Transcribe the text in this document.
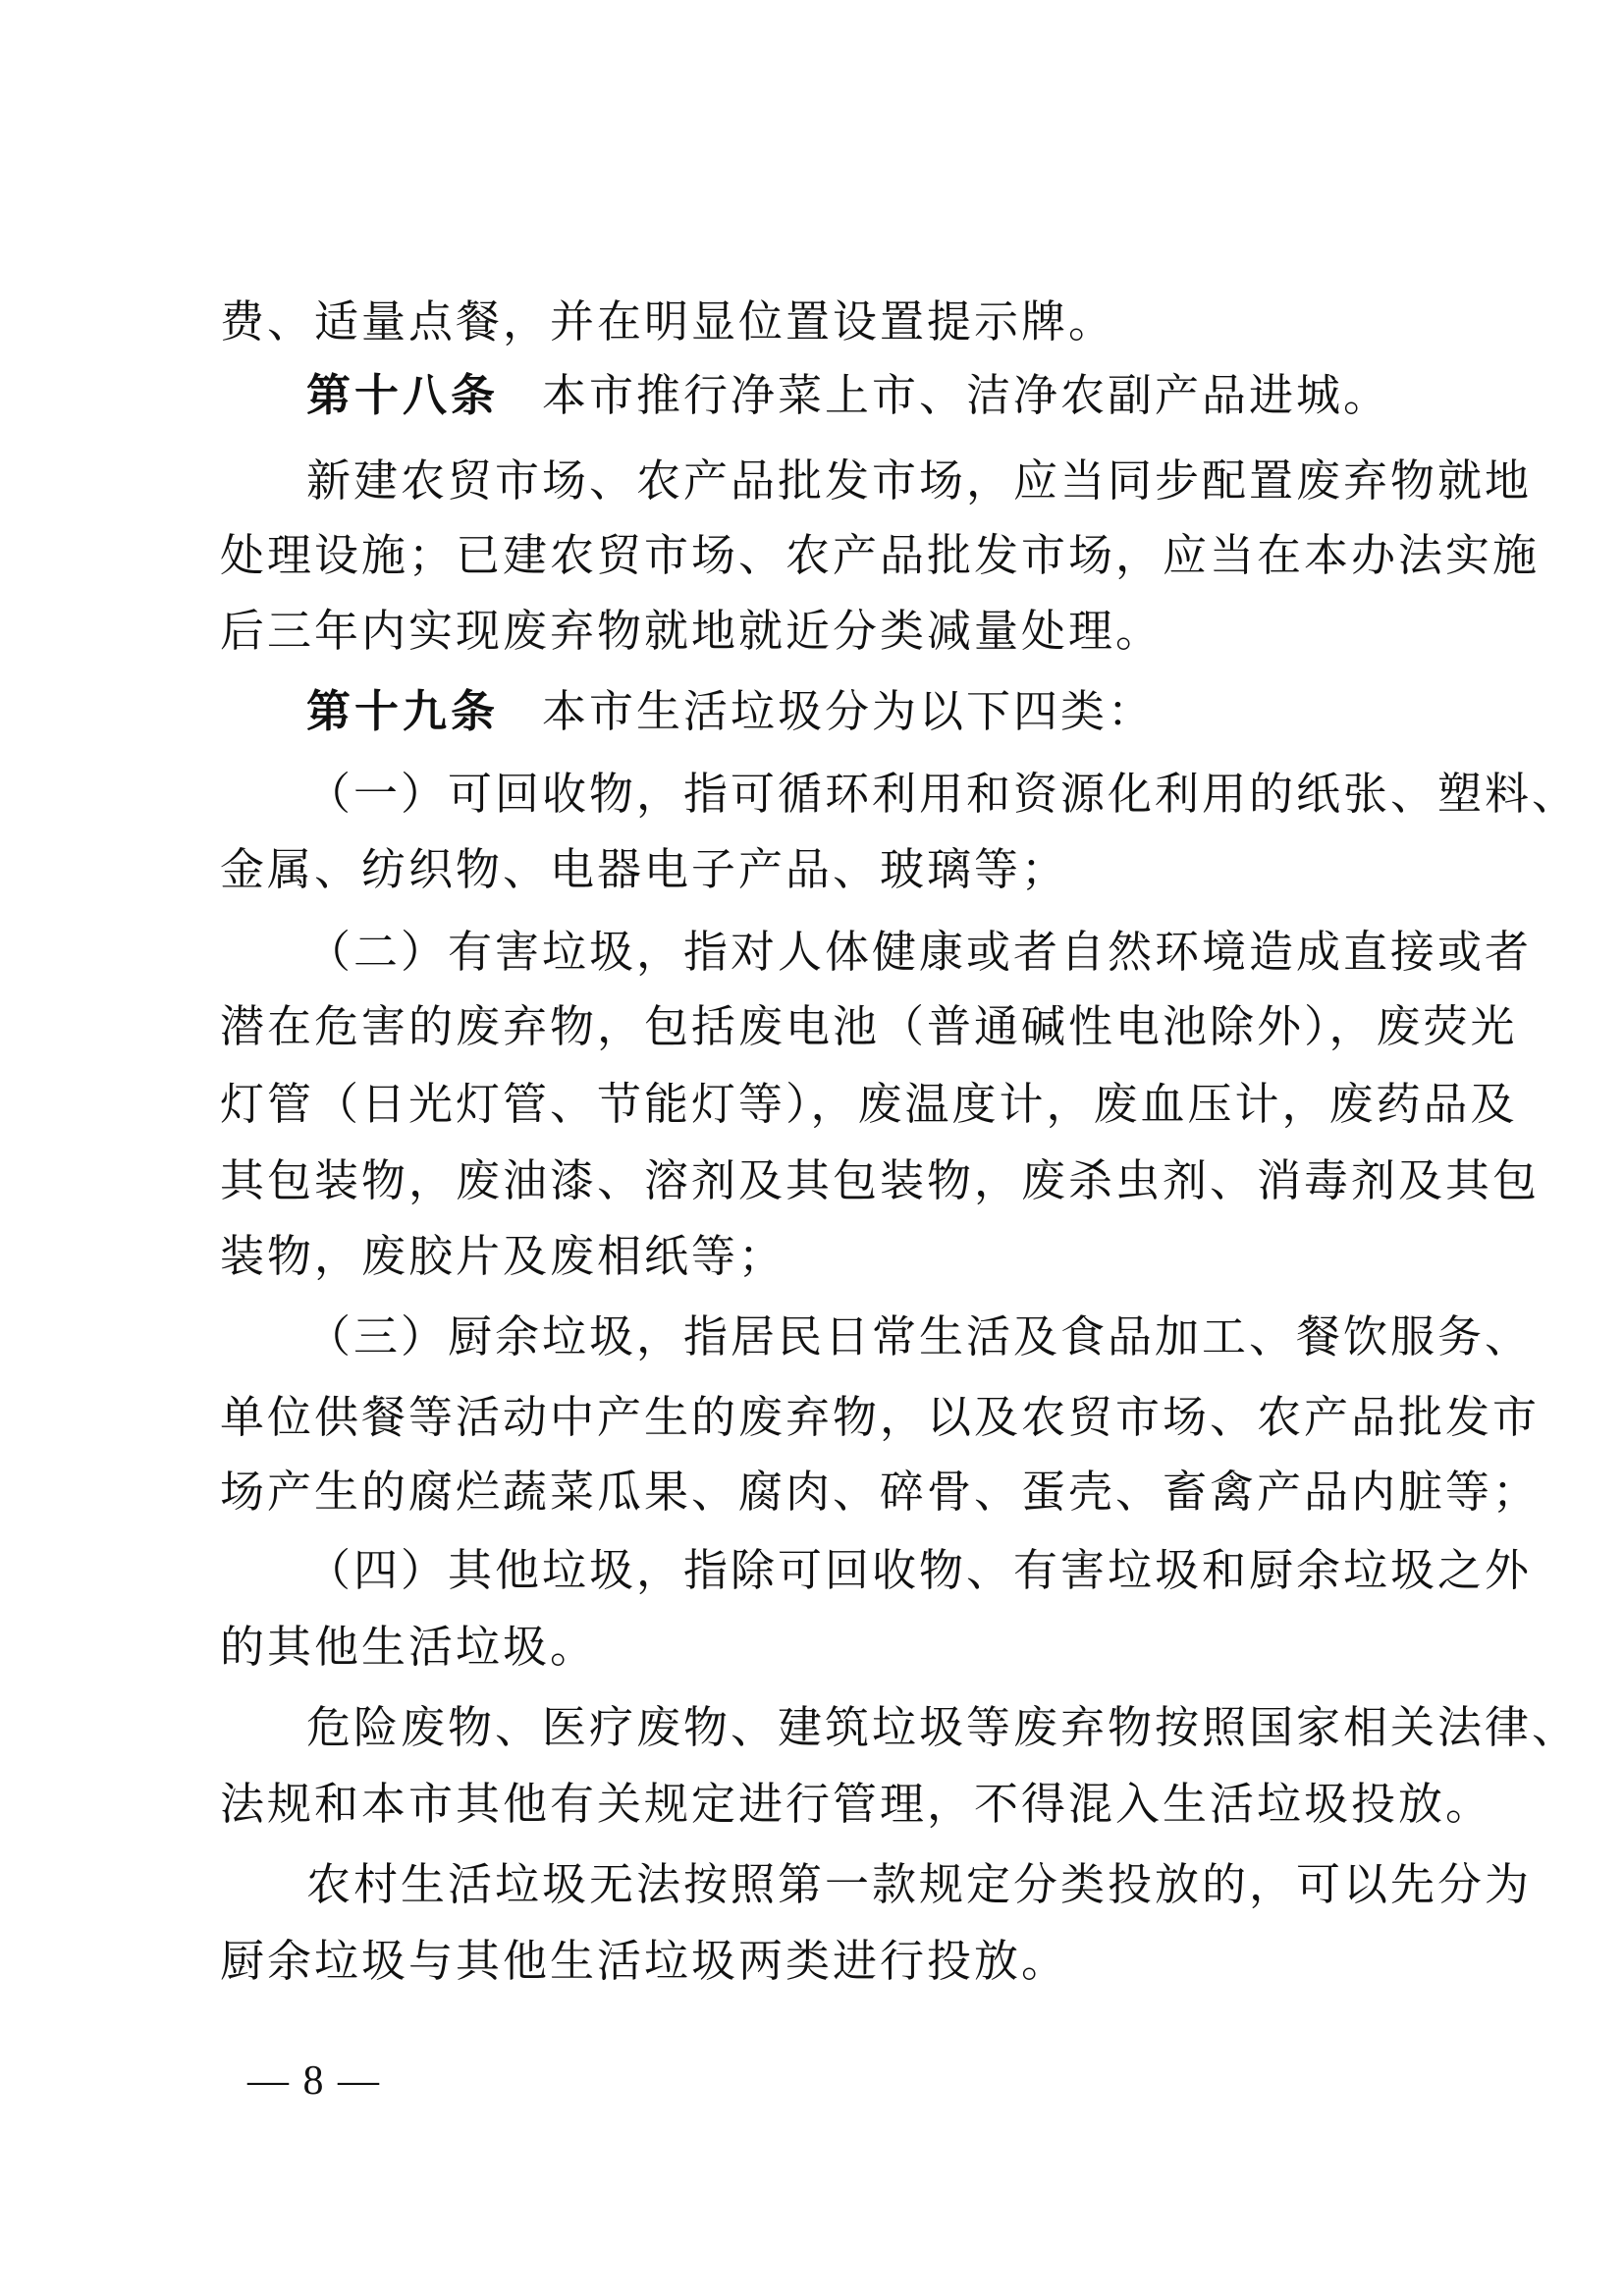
费、适量点餐，并在明显位置设置提示牌。
第十八条 本市推行净菜上市、洁净农副产品进城。
新建农贸市场、农产品批发市场，应当同步配置废弃物就地
处理设施；已建农贸市场、农产品批发市场，应当在本办法实施
后三年内实现废弃物就地就近分类减量处理。
第十九条 本市生活垃圾分为以下四类：
（一）可回收物，指可循环利用和资源化利用的纸张、塑料、
金属、纺织物、电器电子产品、玻璃等；
（二）有害垃圾，指对人体健康或者自然环境造成直接或者
潜在危害的废弃物，包括废电池（普通碱性电池除外），废荧光
灯管（日光灯管、节能灯等），废温度计，废血压计，废药品及
其包装物，废油漆、溶剂及其包装物，废杀虫剂、消毒剂及其包
装物，废胶片及废相纸等；
（三）厨余垃圾，指居民日常生活及食品加工、餐饮服务、
单位供餐等活动中产生的废弃物，以及农贸市场、农产品批发市
场产生的腐烂蔬菜瓜果、腐肉、碎骨、蛋壳、畜禽产品内脏等；
（四）其他垃圾，指除可回收物、有害垃圾和厨余垃圾之外
的其他生活垃圾。
危险废物、医疗废物、建筑垃圾等废弃物按照国家相关法律、
法规和本市其他有关规定进行管理，不得混入生活垃圾投放。
农村生活垃圾无法按照第一款规定分类投放的，可以先分为
厨余垃圾与其他生活垃圾两类进行投放。
— 8 —
